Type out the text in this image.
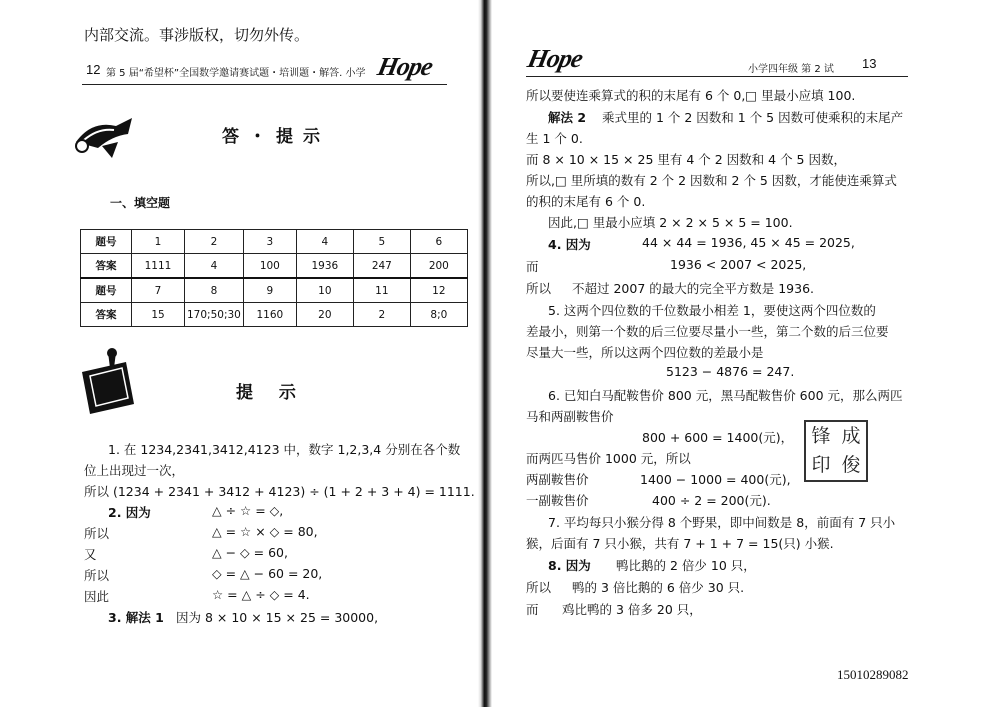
内部交流。事涉版权，切勿外传。
12 第 5 届“希望杯”全国数学邀请赛试题・培训题・解答. 小学 Hope
答・提示
一、填空题
题号	1	2	3	4	5	6
答案	1111	4	100	1936	247	200
题号	7	8	9	10	11	12
答案	15	170;50;30	1160	20	2	8;0
提 示
1. 在 1234,2341,3412,4123 中，数字 1,2,3,4 分别在各个数
位上出现过一次，
所以 (1234 + 2341 + 3412 + 4123) ÷ (1 + 2 + 3 + 4) = 1111.
2. 因为	△ ÷ ☆ = ◇,
所以	△ = ☆ × ◇ = 80,
又	△ − ◇ = 60,
所以	◇ = △ − 60 = 20,
因此	☆ = △ ÷ ◇ = 4.
3. 解法 1 因为 8 × 10 × 15 × 25 = 30000,
Hope	小学四年级 第 2 试 13
所以要使连乘算式的积的末尾有 6 个 0,□ 里最小应填 100.
解法 2 乘式里的 1 个 2 因数和 1 个 5 因数可使乘积的末尾产
生 1 个 0.
而 8 × 10 × 15 × 25 里有 4 个 2 因数和 4 个 5 因数，
所以,□ 里所填的数有 2 个 2 因数和 2 个 5 因数，才能使连乘算式
的积的末尾有 6 个 0.
因此,□ 里最小应填 2 × 2 × 5 × 5 = 100.
4. 因为	44 × 44 = 1936, 45 × 45 = 2025,
而	1936 < 2007 < 2025,
所以 不超过 2007 的最大的完全平方数是 1936.
5. 这两个四位数的千位数最小相差 1，要使这两个四位数的
差最小，则第一个数的后三位要尽量小一些，第二个数的后三位要
尽量大一些，所以这两个四位数的差最小是
5123 − 4876 = 247.
6. 已知白马配鞍售价 800 元，黑马配鞍售价 600 元，那么两匹
马和两副鞍售价
800 + 600 = 1400(元)，
而两匹马售价 1000 元，所以
两副鞍售价	1400 − 1000 = 400(元),
一副鞍售价	400 ÷ 2 = 200(元).
7. 平均每只小猴分得 8 个野果，即中间数是 8，前面有 7 只小
猴，后面有 7 只小猴，共有 7 + 1 + 7 = 15(只) 小猴.
8. 因为 鸭比鹅的 2 倍少 10 只，
所以 鸭的 3 倍比鹅的 6 倍少 30 只.
而 鸡比鸭的 3 倍多 20 只，
15010289082
锋 成
印 俊
